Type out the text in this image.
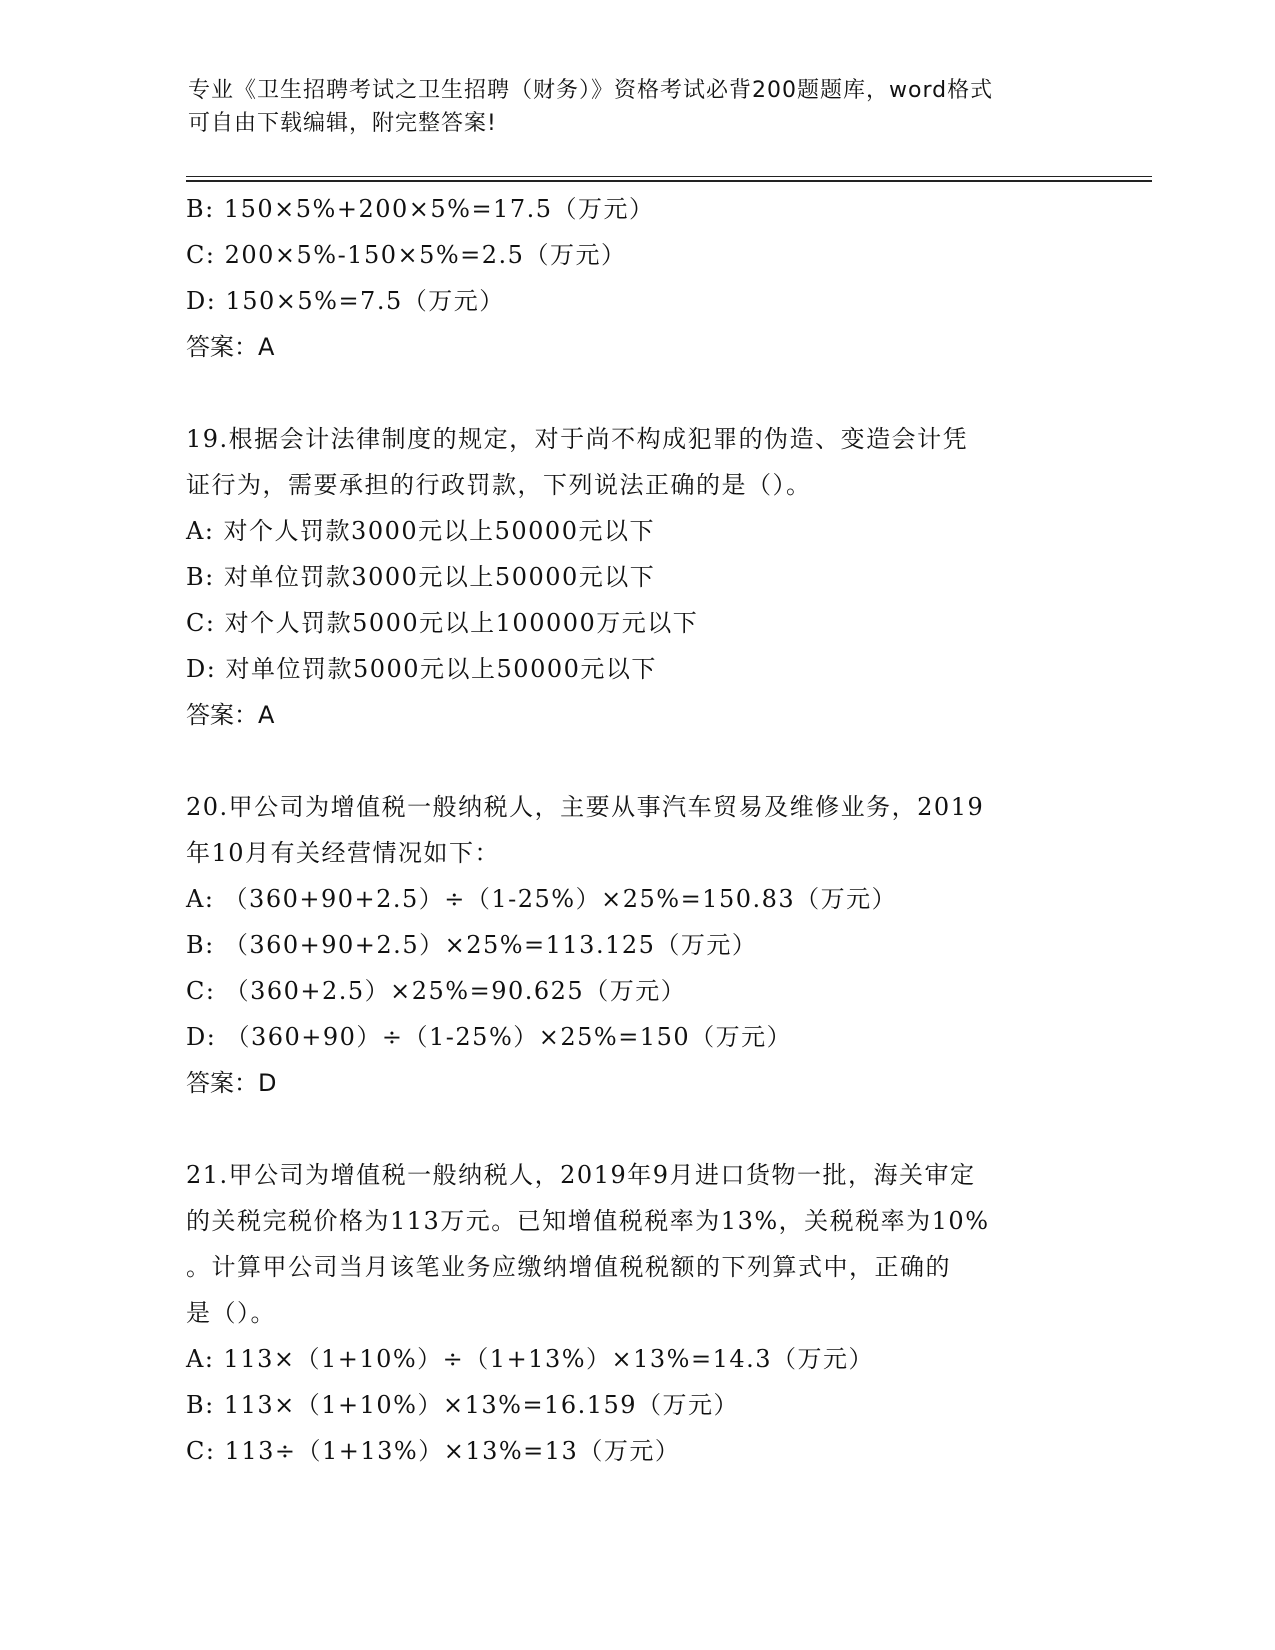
专业《卫生招聘考试之卫生招聘（财务）》资格考试必背200题题库，word格式
可自由下载编辑，附完整答案!
B: 150×5%+200×5%=17.5（万元）
C: 200×5%-150×5%=2.5（万元）
D: 150×5%=7.5（万元）
答案：A
19.根据会计法律制度的规定，对于尚不构成犯罪的伪造、变造会计凭
证行为，需要承担的行政罚款，下列说法正确的是（）。
A: 对个人罚款3000元以上50000元以下
B: 对单位罚款3000元以上50000元以下
C: 对个人罚款5000元以上100000万元以下
D: 对单位罚款5000元以上50000元以下
答案：A
20.甲公司为增值税一般纳税人，主要从事汽车贸易及维修业务，2019
年10月有关经营情况如下：
A: （360+90+2.5）÷（1-25%）×25%=150.83（万元）
B: （360+90+2.5）×25%=113.125（万元）
C: （360+2.5）×25%=90.625（万元）
D: （360+90）÷（1-25%）×25%=150（万元）
答案：D
21.甲公司为增值税一般纳税人，2019年9月进口货物一批，海关审定
的关税完税价格为113万元。已知增值税税率为13%，关税税率为10%
。计算甲公司当月该笔业务应缴纳增值税税额的下列算式中，正确的
是（）。
A: 113×（1+10%）÷（1+13%）×13%=14.3（万元）
B: 113×（1+10%）×13%=16.159（万元）
C: 113÷（1+13%）×13%=13（万元）
